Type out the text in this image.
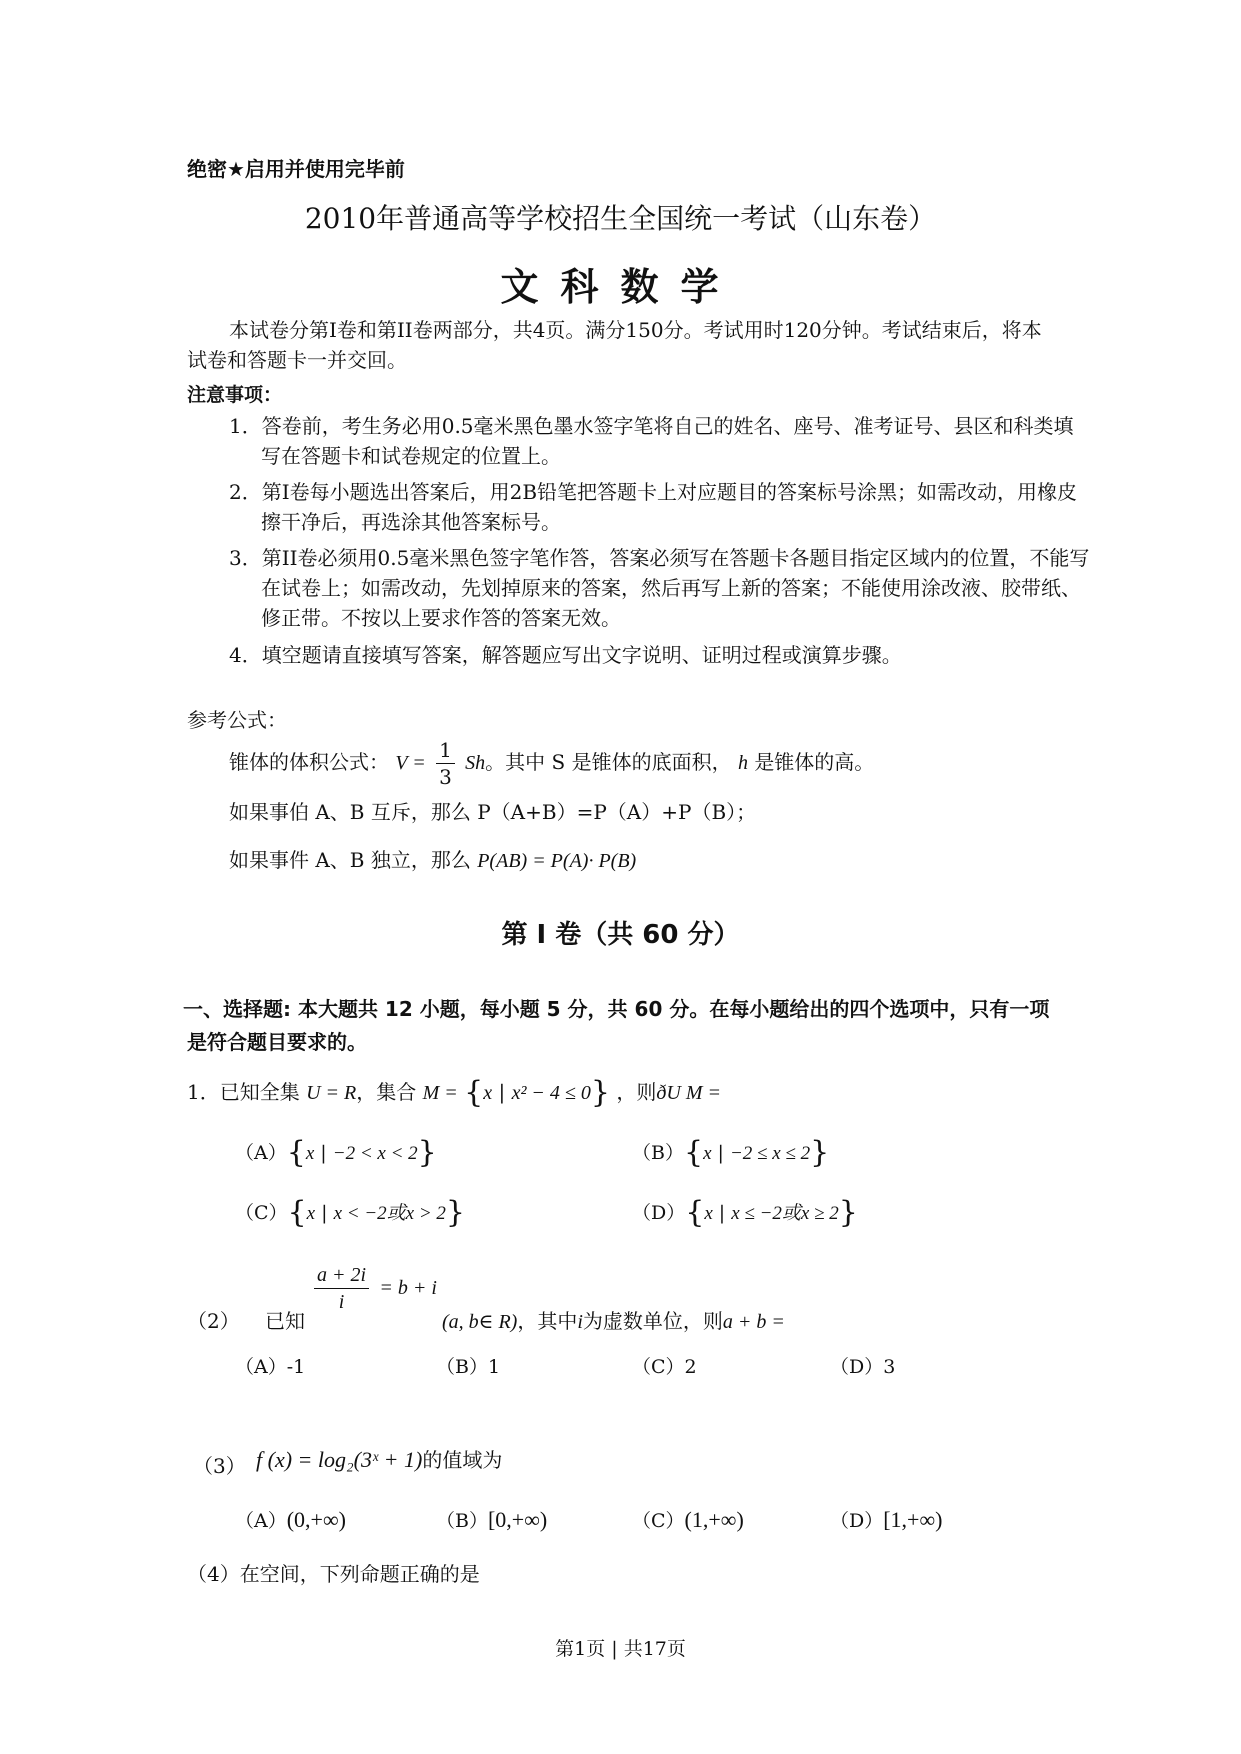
绝密★启用并使用完毕前
2010年普通高等学校招生全国统一考试（山东卷）
文科数学
本试卷分第I卷和第II卷两部分，共4页。满分150分。考试用时120分钟。考试结束后，将本试卷和答题卡一并交回。
注意事项：
1．答卷前，考生务必用0.5毫米黑色墨水签字笔将自己的姓名、座号、准考证号、县区和科类填写在答题卡和试卷规定的位置上。
2．第I卷每小题选出答案后，用2B铅笔把答题卡上对应题目的答案标号涂黑；如需改动，用橡皮擦干净后，再选涂其他答案标号。
3．第II卷必须用0.5毫米黑色签字笔作答，答案必须写在答题卡各题目指定区域内的位置，不能写在试卷上；如需改动，先划掉原来的答案，然后再写上新的答案；不能使用涂改液、胶带纸、修正带。不按以上要求作答的答案无效。
4．填空题请直接填写答案，解答题应写出文字说明、证明过程或演算步骤。
参考公式：
锥体的体积公式： $V = \frac{1}{3}$ Sh。其中 S 是锥体的底面积， h 是锥体的高。
如果事伯 A、B 互斥，那么 P（A+B）=P（A）+P（B）；
如果事件 A、B 独立，那么 P(AB) = P(A)· P(B)
第 Ⅰ 卷（共 60 分）
一、选择题: 本大题共 12 小题，每小题 5 分，共 60 分。在每小题给出的四个选项中，只有一项是符合题目要求的。
1．已知全集 U = R，集合 M = {x | x² − 4 ≤ 0} ，则ðU M =
（A）{x | −2 < x < 2}	（B）{x | −2 ≤ x ≤ 2}
（C）{x | x < −2或x > 2}	（D）{x | x ≤ −2或x ≥ 2}
（2） 已知
$\frac{a + 2i}{i} = b + i$
(a, b∈ R)，其中i为虚数单位，则a + b =
（A）-1	（B）1	（C）2	（D）3
（3） f (x) = log₂(3ˣ + 1)的值域为
（A）(0,+∞)	（B）[0,+∞)	（C）(1,+∞)	（D）[1,+∞)
（4）在空间，下列命题正确的是
第1页 | 共17页
